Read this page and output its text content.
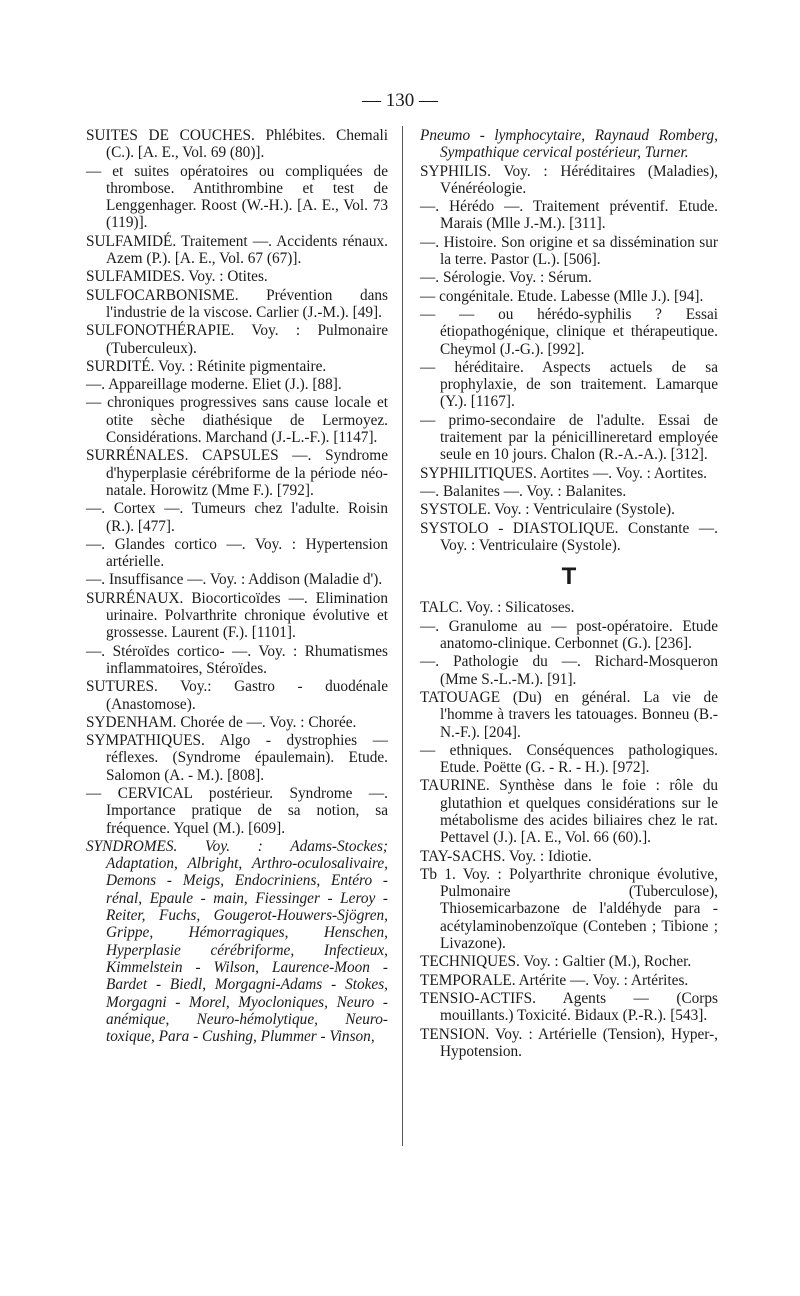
— 130 —

SUITES DE COUCHES. Phlébites. Chemali (C.). [A. E., Vol. 69 (80)].

— et suites opératoires ou compliquées de thrombose. Antithrombine et test de Lenggenhager. Roost (W.-H.). [A. E., Vol. 73 (119)].

SULFAMIDÉ. Traitement —. Accidents rénaux. Azem (P.). [A. E., Vol. 67 (67)].

SULFAMIDES. Voy. : Otites.

SULFOCARBONISME. Prévention dans l'industrie de la viscose. Carlier (J.-M.). [49].

SULFONOTHÉRAPIE. Voy. : Pulmonaire (Tuberculeux).

SURDITÉ. Voy. : Rétinite pigmentaire.

—. Appareillage moderne. Eliet (J.). [88].

— chroniques progressives sans cause locale et otite sèche diathésique de Lermoyez. Considérations. Marchand (J.-L.-F.). [1147].

SURRÉNALES. CAPSULES —. Syndrome d'hyperplasie cérébriforme de la période néo-natale. Horowitz (Mme F.). [792].

—. Cortex —. Tumeurs chez l'adulte. Roisin (R.). [477].

—. Glandes cortico —. Voy. : Hypertension artérielle.

—. Insuffisance —. Voy. : Addison (Maladie d').

SURRÉNAUX. Biocorticoïdes —. Elimination urinaire. Polvarthrite chronique évolutive et grossesse. Laurent (F.). [1101].

—. Stéroïdes cortico- —. Voy. : Rhumatismes inflammatoires, Stéroïdes.

SUTURES. Voy.: Gastro - duodénale (Anastomose).

SYDENHAM. Chorée de —. Voy. : Chorée.

SYMPATHIQUES. Algo - dystrophies — réflexes. (Syndrome épaulemain). Etude. Salomon (A. - M.). [808].

— CERVICAL postérieur. Syndrome —. Importance pratique de sa notion, sa fréquence. Yquel (M.). [609].

SYNDROMES. Voy. : Adams-Stockes; Adaptation, Albright, Arthro-oculosalivaire, Demons - Meigs, Endocriniens, Entéro - rénal, Epaule - main, Fiessinger - Leroy - Reiter, Fuchs, Gougerot-Houwers-Sjögren, Grippe, Hémorragiques, Henschen, Hyperplasie cérébriforme, Infectieux, Kimmelstein - Wilson, Laurence-Moon - Bardet - Biedl, Morgagni-Adams - Stokes, Morgagni - Morel, Myocloniques, Neuro - anémique, Neuro-hémolytique, Neuro-toxique, Para - Cushing, Plummer - Vinson,

Pneumo - lymphocytaire, Raynaud Romberg, Sympathique cervical postérieur, Turner.

SYPHILIS. Voy. : Héréditaires (Maladies), Vénéréologie.

—. Hérédo —. Traitement préventif. Etude. Marais (Mlle J.-M.). [311].

—. Histoire. Son origine et sa dissémination sur la terre. Pastor (L.). [506].

—. Sérologie. Voy. : Sérum.

— congénitale. Etude. Labesse (Mlle J.). [94].

— — ou hérédo-syphilis ? Essai étiopathogénique, clinique et thérapeutique. Cheymol (J.-G.). [992].

— héréditaire. Aspects actuels de sa prophylaxie, de son traitement. Lamarque (Y.). [1167].

— primo-secondaire de l'adulte. Essai de traitement par la pénicillineretard employée seule en 10 jours. Chalon (R.-A.-A.). [312].

SYPHILITIQUES. Aortites —. Voy. : Aortites.

—. Balanites —. Voy. : Balanites.

SYSTOLE. Voy. : Ventriculaire (Systole).

SYSTOLO - DIASTOLIQUE. Constante —. Voy. : Ventriculaire (Systole).

T

TALC. Voy. : Silicatoses.

—. Granulome au — post-opératoire. Etude anatomo-clinique. Cerbonnet (G.). [236].

—. Pathologie du —. Richard-Mosqueron (Mme S.-L.-M.). [91].

TATOUAGE (Du) en général. La vie de l'homme à travers les tatouages. Bonneu (B.-N.-F.). [204].

— ethniques. Conséquences pathologiques. Etude. Poëtte (G. - R. - H.). [972].

TAURINE. Synthèse dans le foie : rôle du glutathion et quelques considérations sur le métabolisme des acides biliaires chez le rat. Pettavel (J.). [A. E., Vol. 66 (60).].

TAY-SACHS. Voy. : Idiotie.

Tb 1. Voy. : Polyarthrite chronique évolutive, Pulmonaire (Tuberculose), Thiosemicarbazone de l'aldéhyde para - acétylaminobenzoïque (Conteben ; Tibione ; Livazone).

TECHNIQUES. Voy. : Galtier (M.), Rocher.

TEMPORALE. Artérite —. Voy. : Artérites.

TENSIO-ACTIFS. Agents — (Corps mouillants.) Toxicité. Bidaux (P.-R.). [543].

TENSION. Voy. : Artérielle (Tension), Hyper-, Hypotension.
